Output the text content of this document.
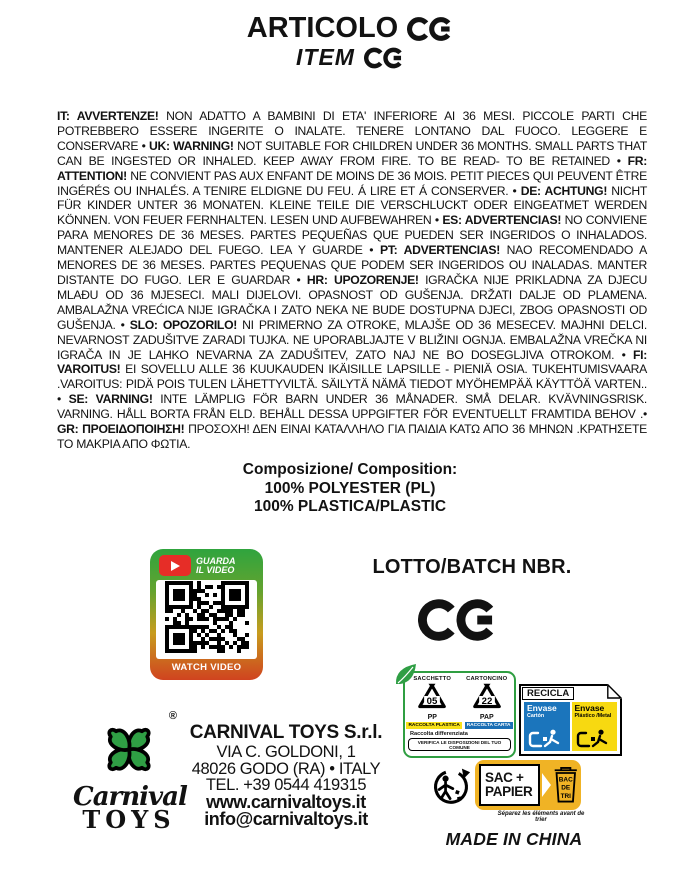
ARTICOLO
ITEM

IT: AVVERTENZE! NON ADATTO A BAMBINI DI ETA' INFERIORE AI 36 MESI. PICCOLE PARTI CHE POTREBBERO ESSERE INGERITE O INALATE. TENERE LONTANO DAL FUOCO. LEGGERE E CONSERVARE • UK: WARNING! NOT SUITABLE FOR CHILDREN UNDER 36 MONTHS. SMALL PARTS THAT CAN BE INGESTED OR INHALED. KEEP AWAY FROM FIRE. TO BE READ- TO BE RETAINED • FR: ATTENTION! NE CONVIENT PAS AUX ENFANT DE MOINS DE 36 MOIS. PETIT PIECES QUI PEUVENT ÊTRE INGÉRÉS OU INHALÉS. A TENIRE ELDIGNE DU FEU. Á LIRE ET Á CONSERVER. • DE: ACHTUNG! NICHT FÜR KINDER UNTER 36 MONATEN. KLEINE TEILE DIE VERSCHLUCKT ODER EINGEATMET WERDEN KÖNNEN. VON FEUER FERNHALTEN. LESEN UND AUFBEWAHREN • ES: ADVERTENCIAS! NO CONVIENE PARA MENORES DE 36 MESES. PARTES PEQUEÑAS QUE PUEDEN SER INGERIDOS O INHALADOS. MANTENER ALEJADO DEL FUEGO. LEA Y GUARDE • PT: ADVERTENCIAS! NAO RECOMENDADO A MENORES DE 36 MESES. PARTES PEQUENAS QUE PODEM SER INGERIDOS OU INALADAS. MANTER DISTANTE DO FUGO. LER E GUARDAR • HR: UPOZORENJE! IGRAČKA NIJE PRIKLADNA ZA DJECU MLAĐU OD 36 MJESECI. MALI DIJELOVI. OPASNOST OD GUŠENJA. DRŽATI DALJE OD PLAMENA. AMBALAŽNA VREĆICA NIJE IGRAČKA I ZATO NEKA NE BUDE DOSTUPNA DJECI, ZBOG OPASNOSTI OD GUŠENJA. • SLO: OPOZORILO! NI PRIMERNO ZA OTROKE, MLAJŠE OD 36 MESECEV. MAJHNI DELCI. NEVARNOST ZADUŠITVE ZARADI TUJKA. NE UPORABLJAJTE V BLIŽINI OGNJA. EMBALAŽNA VREČKA NI IGRAČA IN JE LAHKO NEVARNA ZA ZADUŠITEV, ZATO NAJ NE BO DOSEGLJIVA OTROKOM. • FI: VAROITUS! EI SOVELLU ALLE 36 KUUKAUDEN IKÄISILLE LAPSILLE - PIENIÄ OSIA. TUKEHTUMISVAARA .VAROITUS: PIDÄ POIS TULEN LÄHETTYVILTÄ. SÄILYTÄ NÄMÄ TIEDOT MYÖHEMPÄÄ KÄYTTÖÄ VARTEN.. • SE: VARNING! INTE LÄMPLIG FÖR BARN UNDER 36 MÅNADER. SMÅ DELAR. KVÄVNINGSRISK. VARNING. HÅLL BORTA FRÅN ELD. BEHÅLL DESSA UPPGIFTER FÖR EVENTUELLT FRAMTIDA BEHOV .• GR: ΠΡΟΕΙΔΟΠΟΙΗΣΗ! ΠΡΟΣΟΧΗ! ΔΕΝ ΕΙΝΑΙ ΚΑΤΑΛΛΗΛΟ ΓΙΑ ΠΑΙΔΙΑ ΚΑΤΩ ΑΠΟ 36 ΜΗΝΩΝ .ΚΡΑΤΗΣΕΤΕ ΤΟ ΜΑΚΡΙΑ ΑΠΟ ΦΩΤΙΑ.

Composizione/ Composition:
100% POLYESTER (PL)
100% PLASTICA/PLASTIC
GUARDA
IL VIDEO
WATCH VIDEO
LOTTO/BATCH NBR.
SACCHETTO
05
PP
CARTONCINO
22
PAP
RACCOLTA PLASTICA	RACCOLTA CARTA
Raccolta differenziata
VERIFICA LE DISPOSIZIONI DEL TUO COMUNE
RECICLA
Envase
Cartón
Envase
Plástico /Metal
SAC +
PAPIER
BAC
DE
TRI
Séparez les éléments avant de trier
MADE IN CHINA
®
Carnival
TOYS
CARNIVAL TOYS S.r.l.
VIA C. GOLDONI, 1
48026 GODO (RA) • ITALY
TEL. +39 0544 419315
www.carnivaltoys.it
info@carnivaltoys.it
